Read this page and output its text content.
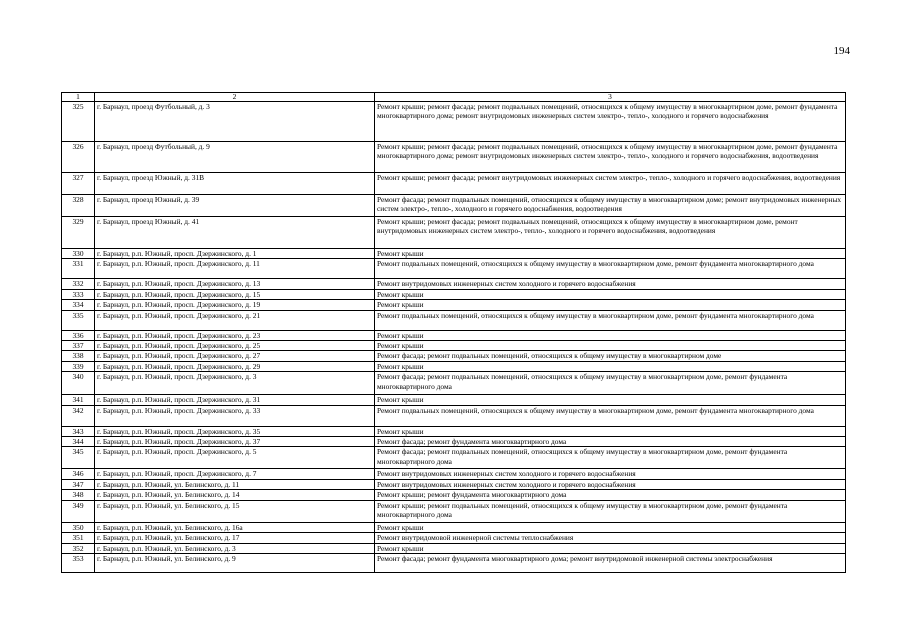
194
1	2	3
325	г. Барнаул, проезд Футбольный, д. 3	Ремонт крыши; ремонт фасада; ремонт подвальных помещений, относящихся к общему имуществу в многоквартирном доме, ремонт фундамента многоквартирного дома; ремонт внутридомовых инженерных систем электро-, тепло-, холодного и горячего водоснабжения
326	г. Барнаул, проезд Футбольный, д. 9	Ремонт крыши; ремонт фасада; ремонт подвальных помещений, относящихся к общему имуществу в многоквартирном доме, ремонт фундамента многоквартирного дома; ремонт внутридомовых инженерных систем электро-, тепло-, холодного и горячего водоснабжения, водоотведения
327	г. Барнаул, проезд Южный, д. 31В	Ремонт крыши; ремонт фасада; ремонт внутридомовых инженерных систем электро-, тепло-, холодного и горячего водоснабжения, водоотведения
328	г. Барнаул, проезд Южный, д. 39	Ремонт фасада; ремонт подвальных помещений, относящихся к общему имуществу в многоквартирном доме; ремонт внутридомовых инженерных систем электро-, тепло-, холодного и горячего водоснабжения, водоотведения
329	г. Барнаул, проезд Южный, д. 41	Ремонт крыши; ремонт фасада; ремонт подвальных помещений, относящихся к общему имуществу в многоквартирном доме, ремонт внутридомовых инженерных систем электро-, тепло-, холодного и горячего водоснабжения, водоотведения
330	г. Барнаул, р.п. Южный, просп. Дзержинского, д. 1	Ремонт крыши
331	г. Барнаул, р.п. Южный, просп. Дзержинского, д. 11	Ремонт подвальных помещений, относящихся к общему имуществу в многоквартирном доме, ремонт фундамента многоквартирного дома
332	г. Барнаул, р.п. Южный, просп. Дзержинского, д. 13	Ремонт внутридомовых инженерных систем холодного и горячего водоснабжения
333	г. Барнаул, р.п. Южный, просп. Дзержинского, д. 15	Ремонт крыши
334	г. Барнаул, р.п. Южный, просп. Дзержинского, д. 19	Ремонт крыши
335	г. Барнаул, р.п. Южный, просп. Дзержинского, д. 21	Ремонт подвальных помещений, относящихся к общему имуществу в многоквартирном доме, ремонт фундамента многоквартирного дома
336	г. Барнаул, р.п. Южный, просп. Дзержинского, д. 23	Ремонт крыши
337	г. Барнаул, р.п. Южный, просп. Дзержинского, д. 25	Ремонт крыши
338	г. Барнаул, р.п. Южный, просп. Дзержинского, д. 27	Ремонт фасада; ремонт подвальных помещений, относящихся к общему имуществу в многоквартирном доме
339	г. Барнаул, р.п. Южный, просп. Дзержинского, д. 29	Ремонт крыши
340	г. Барнаул, р.п. Южный, просп. Дзержинского, д. 3	Ремонт фасада; ремонт подвальных помещений, относящихся к общему имуществу в многоквартирном доме, ремонт фундамента многоквартирного дома
341	г. Барнаул, р.п. Южный, просп. Дзержинского, д. 31	Ремонт крыши
342	г. Барнаул, р.п. Южный, просп. Дзержинского, д. 33	Ремонт подвальных помещений, относящихся к общему имуществу в многоквартирном доме, ремонт фундамента многоквартирного дома
343	г. Барнаул, р.п. Южный, просп. Дзержинского, д. 35	Ремонт крыши
344	г. Барнаул, р.п. Южный, просп. Дзержинского, д. 37	Ремонт фасада; ремонт фундамента многоквартирного дома
345	г. Барнаул, р.п. Южный, просп. Дзержинского, д. 5	Ремонт фасада; ремонт подвальных помещений, относящихся к общему имуществу в многоквартирном доме, ремонт фундамента многоквартирного дома
346	г. Барнаул, р.п. Южный, просп. Дзержинского, д. 7	Ремонт внутридомовых инженерных систем холодного и горячего водоснабжения
347	г. Барнаул, р.п. Южный, ул. Белинского, д. 11	Ремонт внутридомовых инженерных систем холодного и горячего водоснабжения
348	г. Барнаул, р.п. Южный, ул. Белинского, д. 14	Ремонт крыши; ремонт фундамента многоквартирного дома
349	г. Барнаул, р.п. Южный, ул. Белинского, д. 15	Ремонт крыши; ремонт подвальных помещений, относящихся к общему имуществу в многоквартирном доме, ремонт фундамента многоквартирного дома
350	г. Барнаул, р.п. Южный, ул. Белинского, д. 16а	Ремонт крыши
351	г. Барнаул, р.п. Южный, ул. Белинского, д. 17	Ремонт внутридомовой инженерной системы теплоснабжения
352	г. Барнаул, р.п. Южный, ул. Белинского, д. 3	Ремонт крыши
353	г. Барнаул, р.п. Южный, ул. Белинского, д. 9	Ремонт фасада; ремонт фундамента многоквартирного дома; ремонт внутридомовой инженерной системы электроснабжения
